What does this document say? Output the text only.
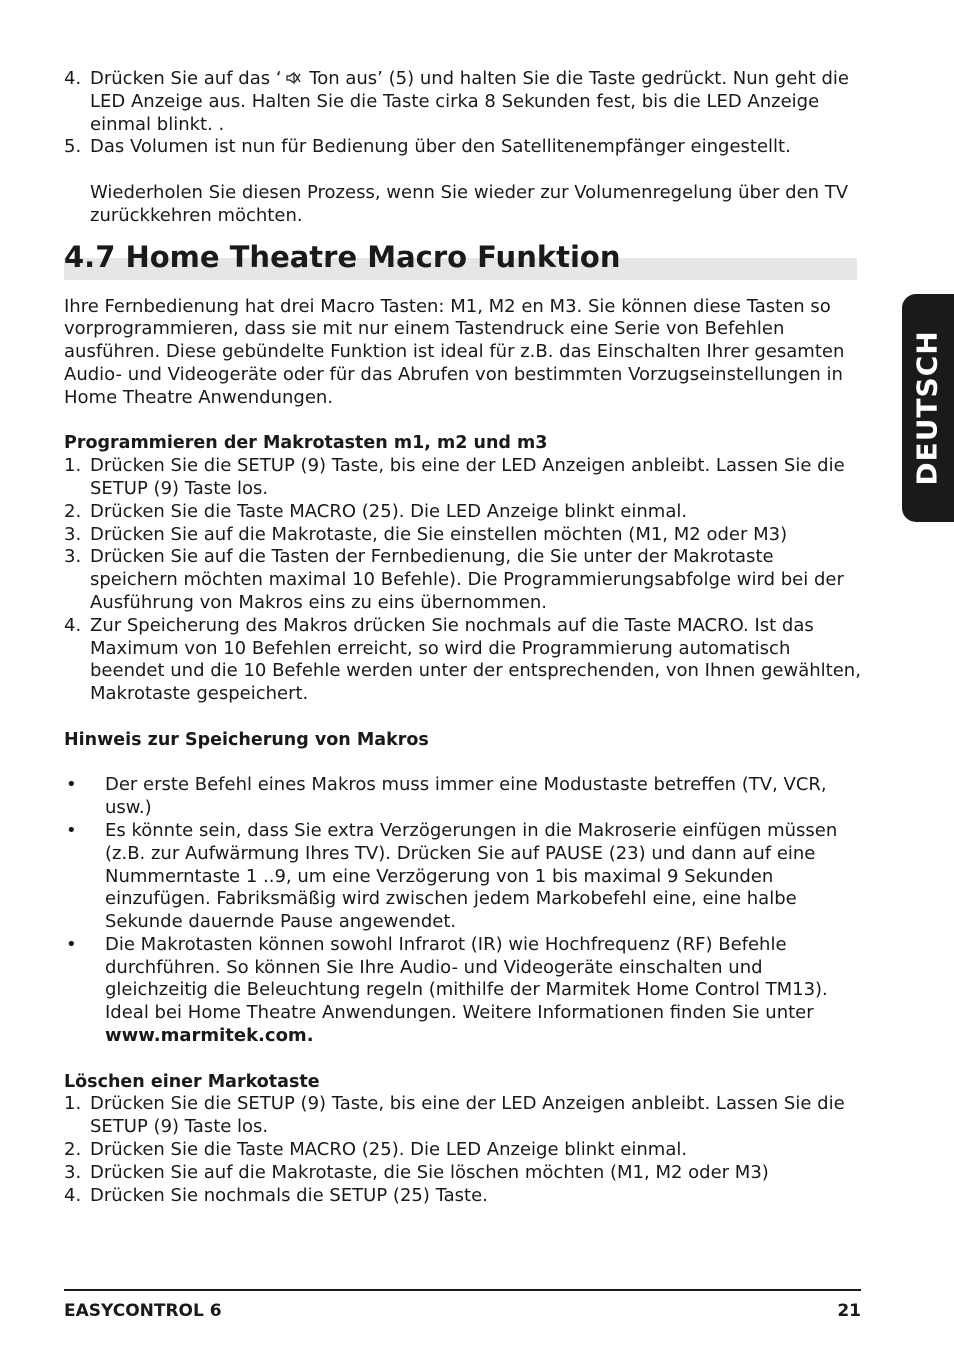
4. Drücken Sie auf das ‘ Ton aus’ (5) und halten Sie die Taste gedrückt. Nun geht die LED Anzeige aus. Halten Sie die Taste cirka 8 Sekunden fest, bis die LED Anzeige einmal blinkt. .
5. Das Volumen ist nun für Bedienung über den Satellitenempfänger eingestellt.
Wiederholen Sie diesen Prozess, wenn Sie wieder zur Volumenregelung über den TV zurückkehren möchten.
4.7 Home Theatre Macro Funktion
Ihre Fernbedienung hat drei Macro Tasten: M1, M2 en M3. Sie können diese Tasten so vorprogrammieren, dass sie mit nur einem Tastendruck eine Serie von Befehlen ausführen. Diese gebündelte Funktion ist ideal für z.B. das Einschalten Ihrer gesamten Audio- und Videogeräte oder für das Abrufen von bestimmten Vorzugseinstellungen in Home Theatre Anwendungen.
Programmieren der Makrotasten m1, m2 und m3
1. Drücken Sie die SETUP (9) Taste, bis eine der LED Anzeigen anbleibt. Lassen Sie die SETUP (9) Taste los.
2. Drücken Sie die Taste MACRO (25). Die LED Anzeige blinkt einmal.
3. Drücken Sie auf die Makrotaste, die Sie einstellen möchten (M1, M2 oder M3)
3. Drücken Sie auf die Tasten der Fernbedienung, die Sie unter der Makrotaste speichern möchten maximal 10 Befehle). Die Programmierungsabfolge wird bei der Ausführung von Makros eins zu eins übernommen.
4. Zur Speicherung des Makros drücken Sie nochmals auf die Taste MACRO. Ist das Maximum von 10 Befehlen erreicht, so wird die Programmierung automatisch beendet und die 10 Befehle werden unter der entsprechenden, von Ihnen gewählten, Makrotaste gespeichert.
Hinweis zur Speicherung von Makros
•	Der erste Befehl eines Makros muss immer eine Modustaste betreffen (TV, VCR, usw.)
•	Es könnte sein, dass Sie extra Verzögerungen in die Makroserie einfügen müssen (z.B. zur Aufwärmung Ihres TV). Drücken Sie auf PAUSE (23) und dann auf eine Nummerntaste 1 ..9, um eine Verzögerung von 1 bis maximal 9 Sekunden einzufügen. Fabriksmäßig wird zwischen jedem Markobefehl eine, eine halbe Sekunde dauernde Pause angewendet.
•	Die Makrotasten können sowohl Infrarot (IR) wie Hochfrequenz (RF) Befehle durchführen. So können Sie Ihre Audio- und Videogeräte einschalten und gleichzeitig die Beleuchtung regeln (mithilfe der Marmitek Home Control TM13). Ideal bei Home Theatre Anwendungen. Weitere Informationen finden Sie unter www.marmitek.com.
Löschen einer Markotaste
1. Drücken Sie die SETUP (9) Taste, bis eine der LED Anzeigen anbleibt. Lassen Sie die SETUP (9) Taste los.
2. Drücken Sie die Taste MACRO (25). Die LED Anzeige blinkt einmal.
3. Drücken Sie auf die Makrotaste, die Sie löschen möchten (M1, M2 oder M3)
4. Drücken Sie nochmals die SETUP (25) Taste.
DEUTSCH
EASYCONTROL 6	21
